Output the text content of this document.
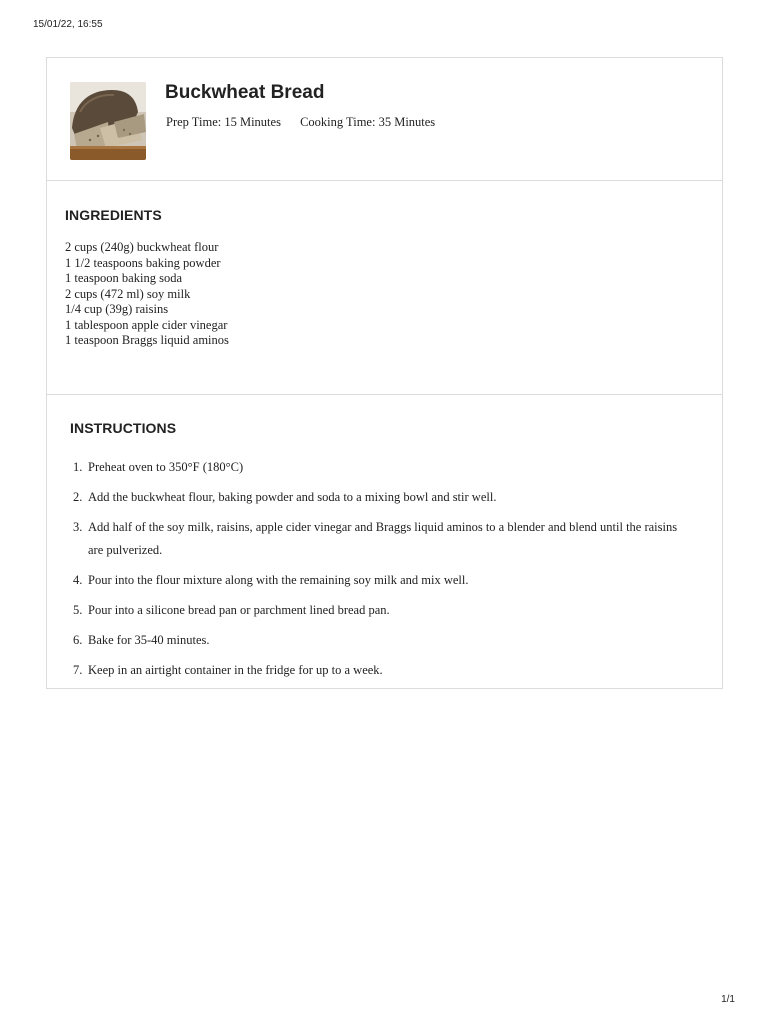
15/01/22, 16:55
Buckwheat Bread
Prep Time: 15 Minutes Cooking Time: 35 Minutes
INGREDIENTS
2 cups (240g) buckwheat flour
1 1/2 teaspoons baking powder
1 teaspoon baking soda
2 cups (472 ml) soy milk
1/4 cup (39g) raisins
1 tablespoon apple cider vinegar
1 teaspoon Braggs liquid aminos
INSTRUCTIONS
1. Preheat oven to 350°F (180°C)
2. Add the buckwheat flour, baking powder and soda to a mixing bowl and stir well.
3. Add half of the soy milk, raisins, apple cider vinegar and Braggs liquid aminos to a blender and blend until the raisins are pulverized.
4. Pour into the flour mixture along with the remaining soy milk and mix well.
5. Pour into a silicone bread pan or parchment lined bread pan.
6. Bake for 35-40 minutes.
7. Keep in an airtight container in the fridge for up to a week.
1/1
